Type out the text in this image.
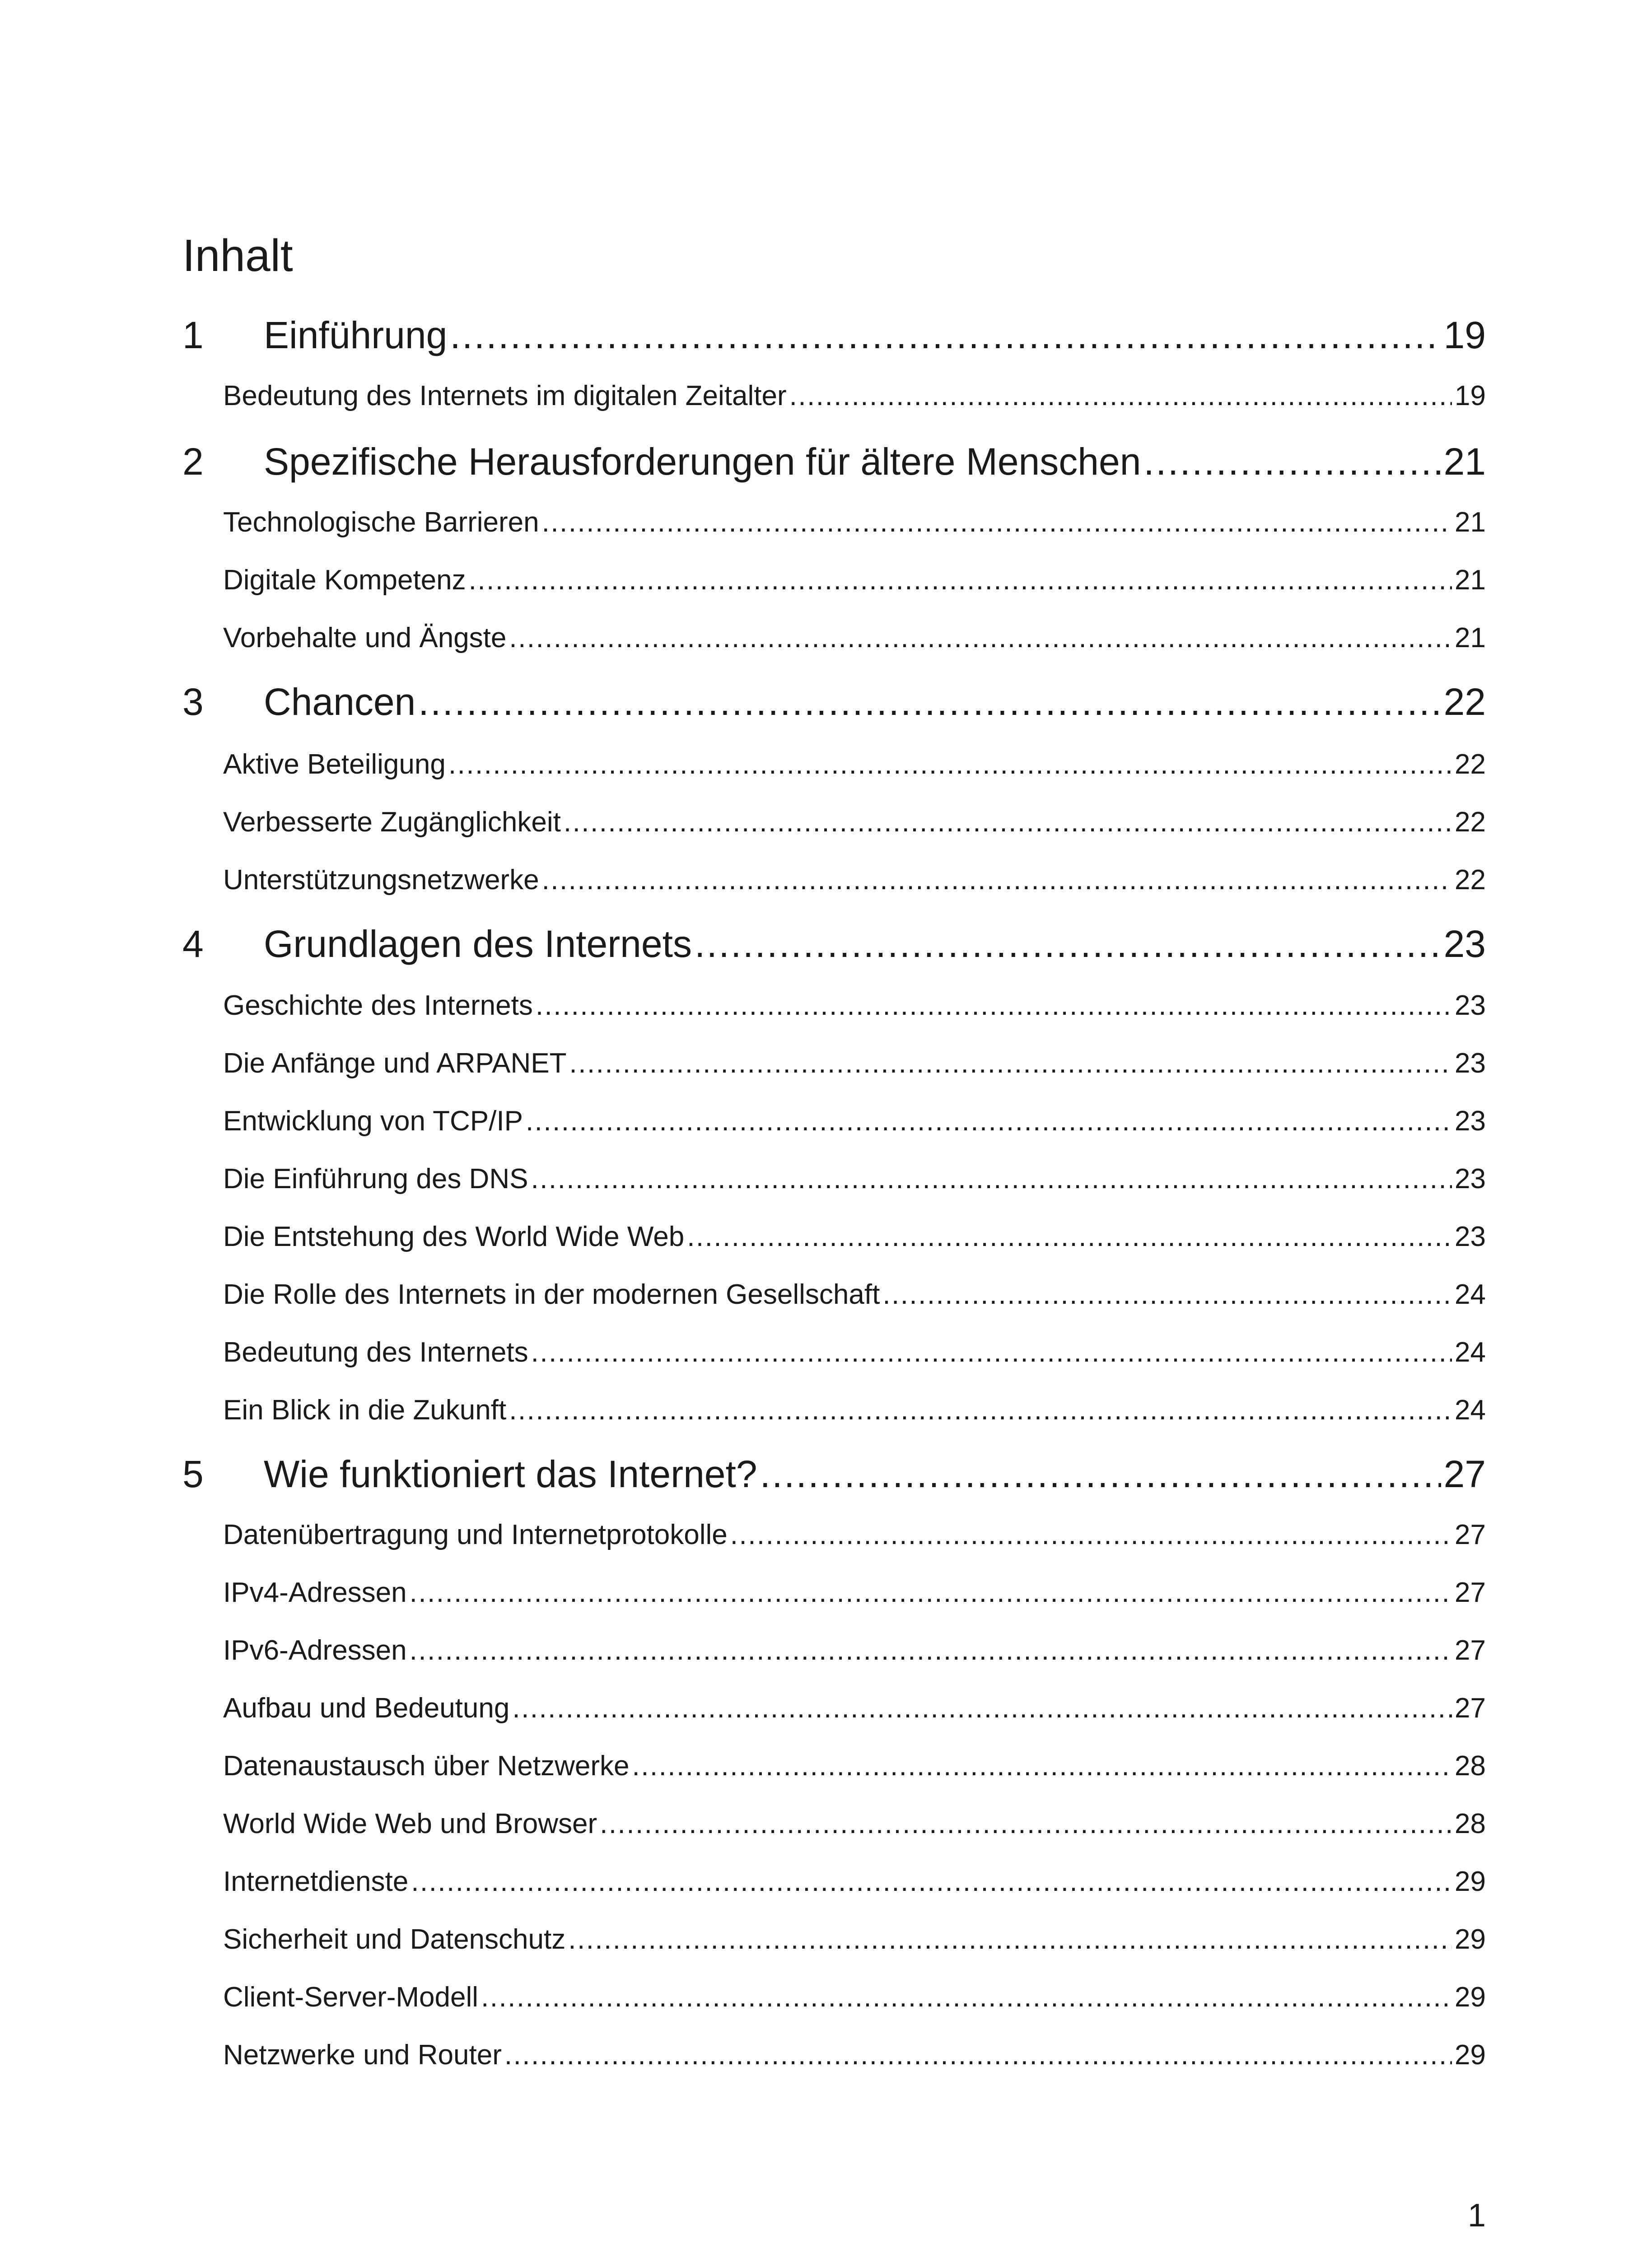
Inhalt
1	Einführung .....	19
Bedeutung des Internets im digitalen Zeitalter .....	19
2	Spezifische Herausforderungen für ältere Menschen .....	21
Technologische Barrieren .....	21
Digitale Kompetenz .....	21
Vorbehalte und Ängste .....	21
3	Chancen .....	22
Aktive Beteiligung .....	22
Verbesserte Zugänglichkeit .....	22
Unterstützungsnetzwerke .....	22
4	Grundlagen des Internets .....	23
Geschichte des Internets .....	23
Die Anfänge und ARPANET .....	23
Entwicklung von TCP/IP .....	23
Die Einführung des DNS .....	23
Die Entstehung des World Wide Web .....	23
Die Rolle des Internets in der modernen Gesellschaft .....	24
Bedeutung des Internets .....	24
Ein Blick in die Zukunft .....	24
5	Wie funktioniert das Internet? .....	27
Datenübertragung und Internetprotokolle .....	27
IPv4-Adressen .....	27
IPv6-Adressen .....	27
Aufbau und Bedeutung .....	27
Datenaustausch über Netzwerke .....	28
World Wide Web und Browser .....	28
Internetdienste .....	29
Sicherheit und Datenschutz .....	29
Client-Server-Modell .....	29
Netzwerke und Router .....	29
1
